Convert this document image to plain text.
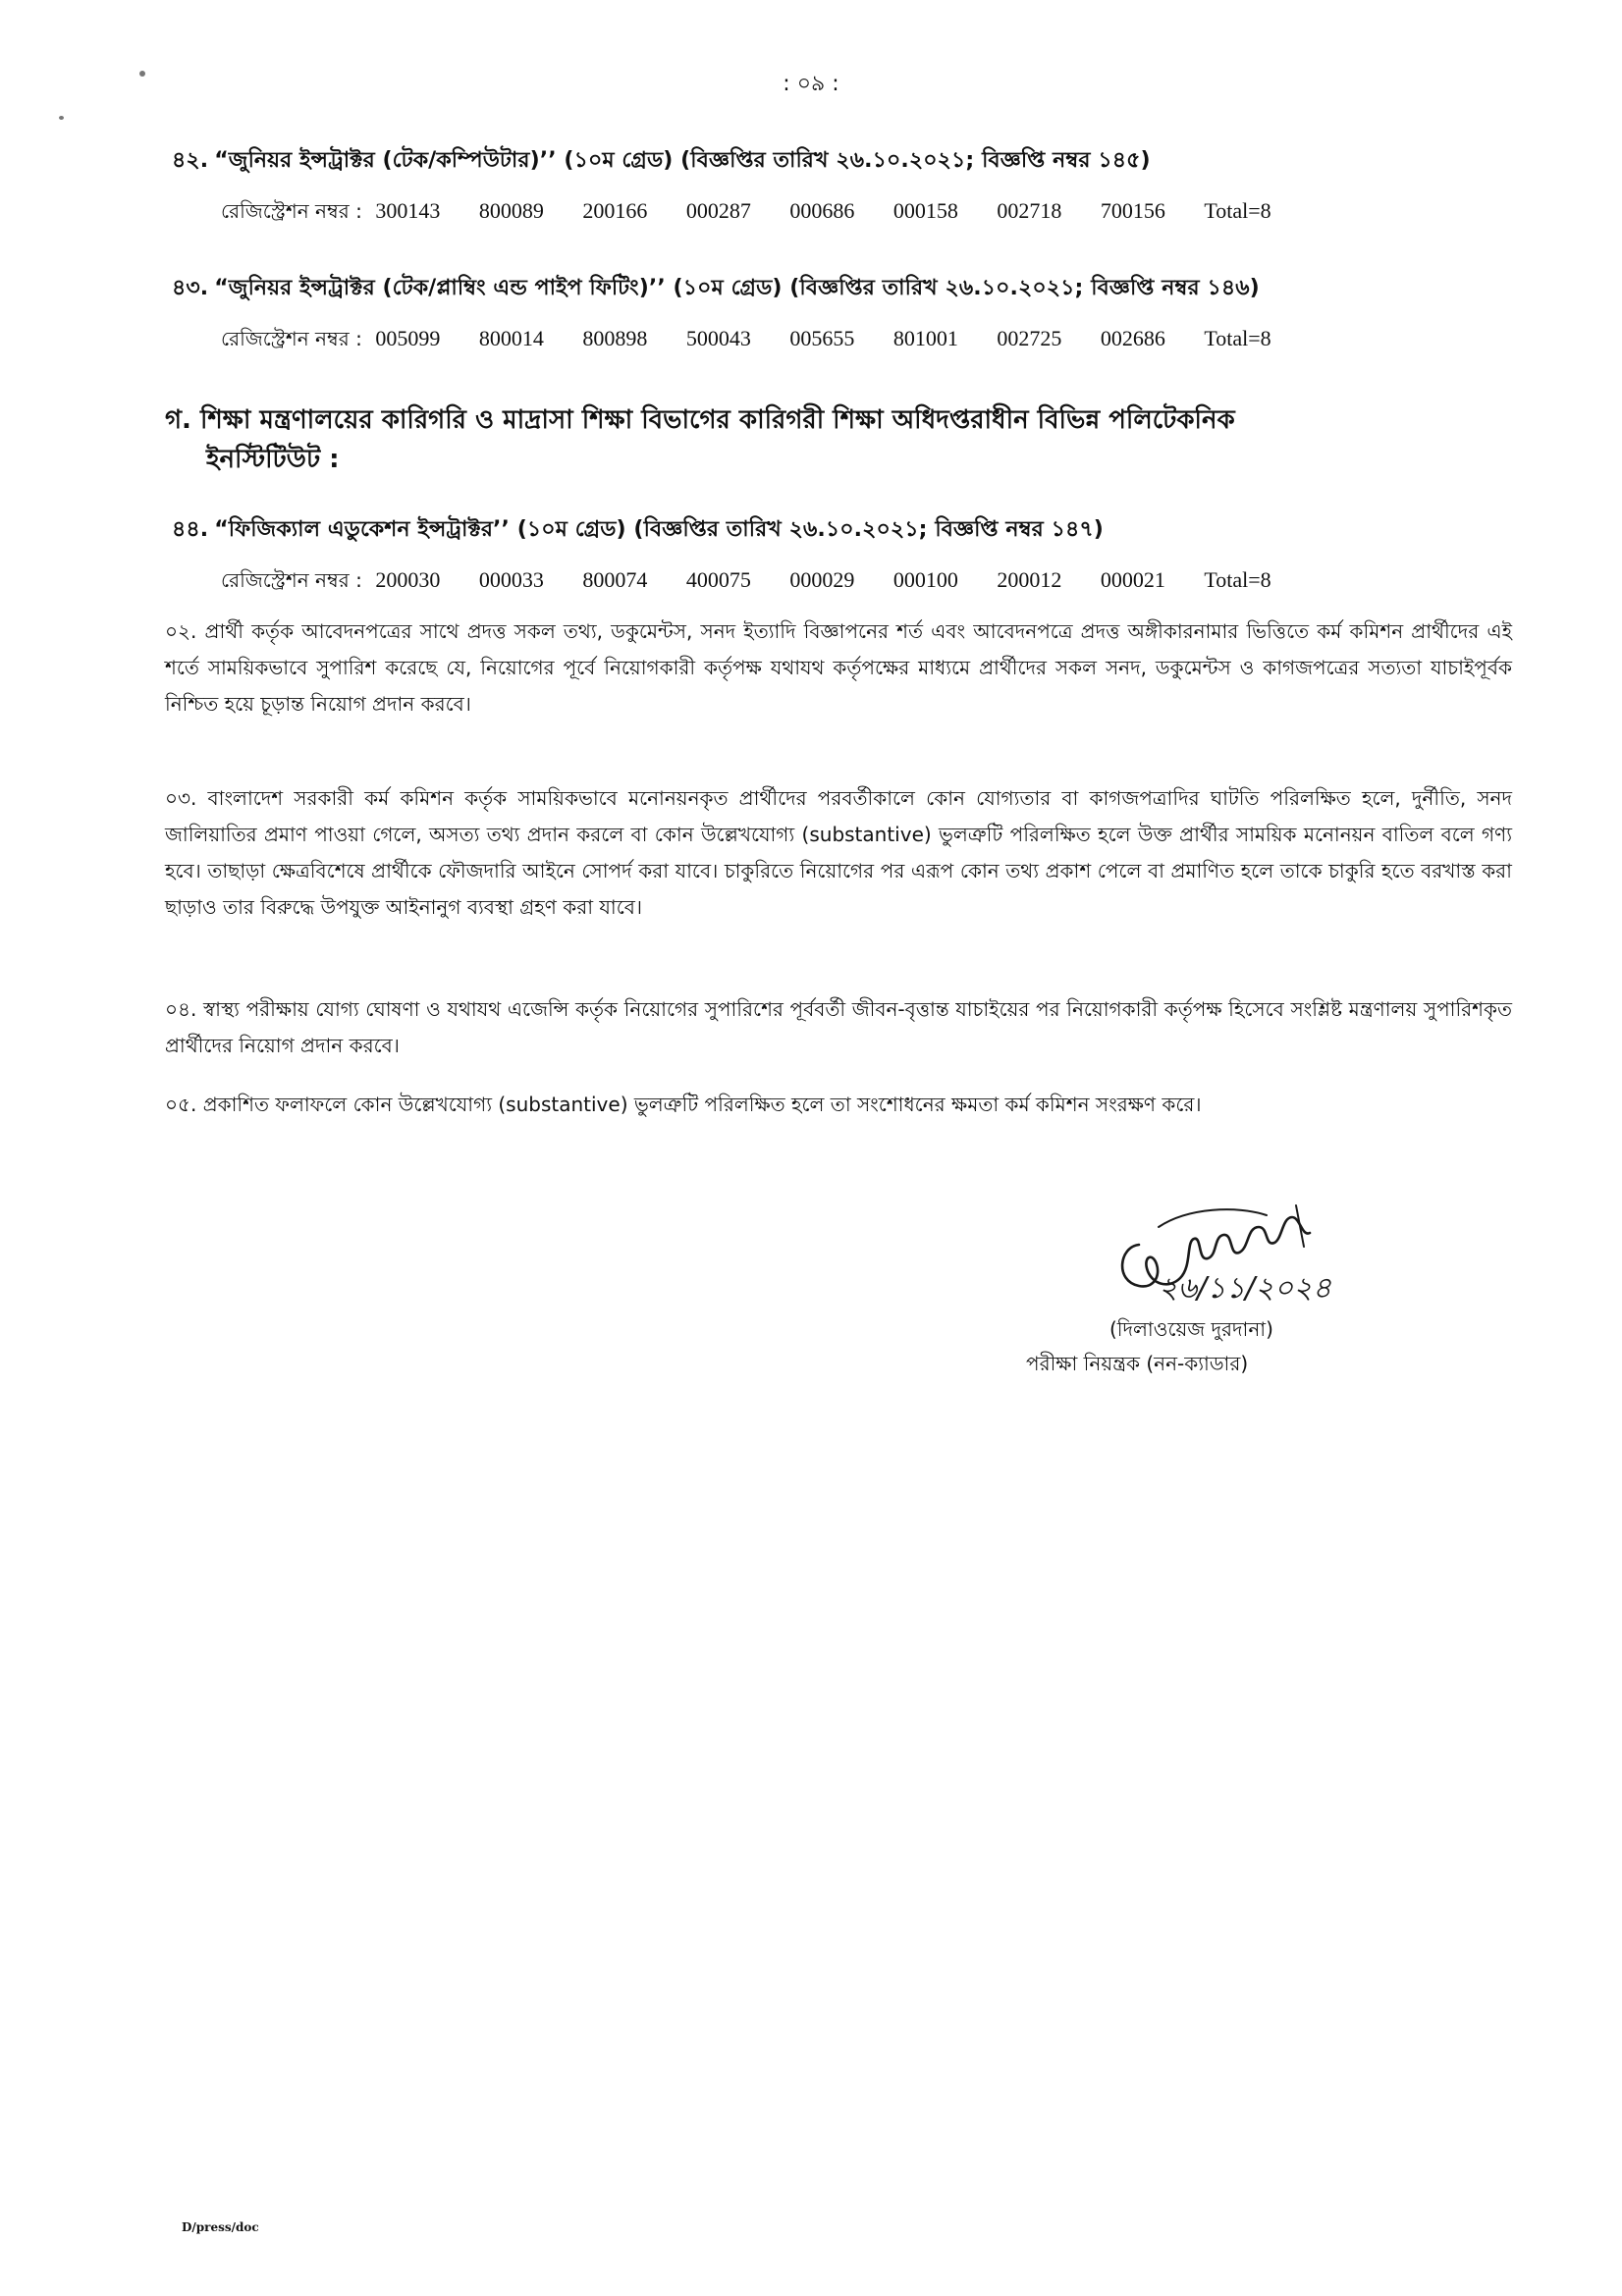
: ০৯ :
৪২. “জুনিয়র ইন্সট্রাক্টর (টেক/কম্পিউটার)’’ (১০ম গ্রেড) (বিজ্ঞপ্তির তারিখ ২৬.১০.২০২১; বিজ্ঞপ্তি নম্বর ১৪৫)
রেজিস্ট্রেশন নম্বর : 300143 800089 200166 000287 000686 000158 002718 700156 Total=8
৪৩. “জুনিয়র ইন্সট্রাক্টর (টেক/প্লাম্বিং এন্ড পাইপ ফিটিং)’’ (১০ম গ্রেড) (বিজ্ঞপ্তির তারিখ ২৬.১০.২০২১; বিজ্ঞপ্তি নম্বর ১৪৬)
রেজিস্ট্রেশন নম্বর : 005099 800014 800898 500043 005655 801001 002725 002686 Total=8
গ. শিক্ষা মন্ত্রণালয়ের কারিগরি ও মাদ্রাসা শিক্ষা বিভাগের কারিগরী শিক্ষা অধিদপ্তরাধীন বিভিন্ন পলিটেকনিক
ইনস্টিটিউট :
৪৪. “ফিজিক্যাল এডুকেশন ইন্সট্রাক্টর’’ (১০ম গ্রেড) (বিজ্ঞপ্তির তারিখ ২৬.১০.২০২১; বিজ্ঞপ্তি নম্বর ১৪৭)
রেজিস্ট্রেশন নম্বর : 200030 000033 800074 400075 000029 000100 200012 000021 Total=8

০২. প্রার্থী কর্তৃক আবেদনপত্রের সাথে প্রদত্ত সকল তথ্য, ডকুমেন্টস, সনদ ইত্যাদি বিজ্ঞাপনের শর্ত এবং আবেদনপত্রে প্রদত্ত অঙ্গীকারনামার ভিত্তিতে কর্ম কমিশন প্রার্থীদের এই শর্তে সাময়িকভাবে সুপারিশ করেছে যে, নিয়োগের পূর্বে নিয়োগকারী কর্তৃপক্ষ যথাযথ কর্তৃপক্ষের মাধ্যমে প্রার্থীদের সকল সনদ, ডকুমেন্টস ও কাগজপত্রের সত্যতা যাচাইপূর্বক নিশ্চিত হয়ে চূড়ান্ত নিয়োগ প্রদান করবে।

০৩. বাংলাদেশ সরকারী কর্ম কমিশন কর্তৃক সাময়িকভাবে মনোনয়নকৃত প্রার্থীদের পরবর্তীকালে কোন যোগ্যতার বা কাগজপত্রাদির ঘাটতি পরিলক্ষিত হলে, দুর্নীতি, সনদ জালিয়াতির প্রমাণ পাওয়া গেলে, অসত্য তথ্য প্রদান করলে বা কোন উল্লেখযোগ্য (substantive) ভুলত্রুটি পরিলক্ষিত হলে উক্ত প্রার্থীর সাময়িক মনোনয়ন বাতিল বলে গণ্য হবে। তাছাড়া ক্ষেত্রবিশেষে প্রার্থীকে ফৌজদারি আইনে সোপর্দ করা যাবে। চাকুরিতে নিয়োগের পর এরূপ কোন তথ্য প্রকাশ পেলে বা প্রমাণিত হলে তাকে চাকুরি হতে বরখাস্ত করা ছাড়াও তার বিরুদ্ধে উপযুক্ত আইনানুগ ব্যবস্থা গ্রহণ করা যাবে।

০৪. স্বাস্থ্য পরীক্ষায় যোগ্য ঘোষণা ও যথাযথ এজেন্সি কর্তৃক নিয়োগের সুপারিশের পূর্ববর্তী জীবন-বৃত্তান্ত যাচাইয়ের পর নিয়োগকারী কর্তৃপক্ষ হিসেবে সংশ্লিষ্ট মন্ত্রণালয় সুপারিশকৃত প্রার্থীদের নিয়োগ প্রদান করবে।

০৫. প্রকাশিত ফলাফলে কোন উল্লেখযোগ্য (substantive) ভুলত্রুটি পরিলক্ষিত হলে তা সংশোধনের ক্ষমতা কর্ম কমিশন সংরক্ষণ করে।

২৬/১১/২০২৪
(দিলাওয়েজ দুরদানা)
পরীক্ষা নিয়ন্ত্রক (নন-ক্যাডার)
D/press/doc
